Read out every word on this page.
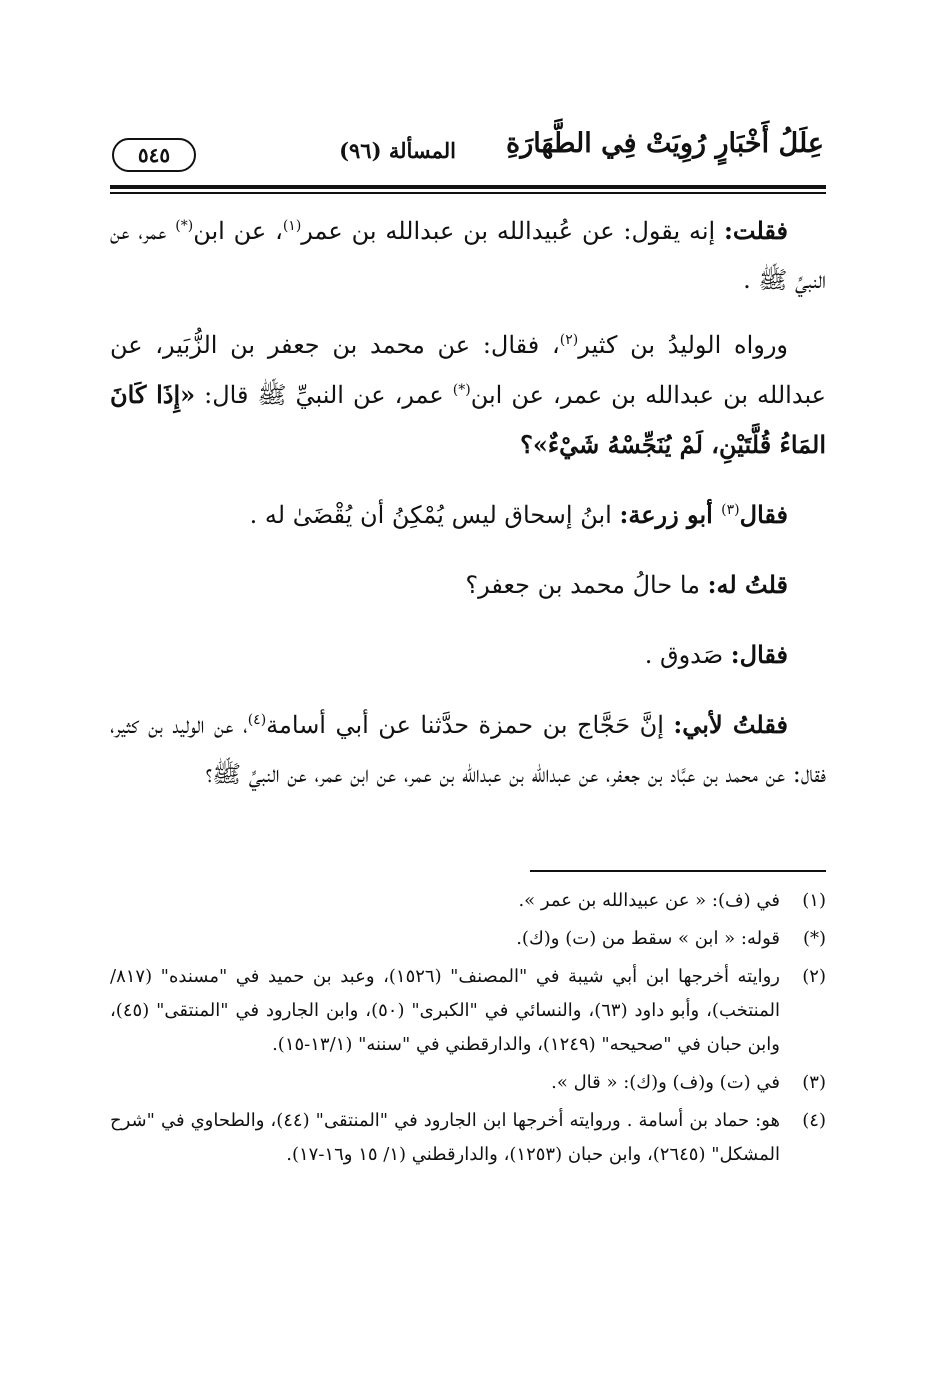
عِلَلُ أَخْبَارٍ رُوِيَتْ فِي الطَّهَارَةِ
المسألة (٩٦)
٥٤٥

فقلت: إنه يقول: عن عُبيدالله بن عبدالله بن عمر$^{(١)}$، عن ابن(*) عمر، عن النبيِّ ﷺ .

ورواه الوليدُ بن كثير$^{(٢)}$، فقال: عن محمد بن جعفر بن الزُّبَير، عن عبدالله بن عبدالله بن عمر، عن ابن(*) عمر، عن النبيِّ ﷺ قال: «إِذَا كَانَ المَاءُ قُلَّتَيْنِ، لَمْ يُنَجِّسْهُ شَيْءٌ»؟

فقال$^{(٣)}$ أبو زرعة: ابنُ إسحاق ليس يُمْكِنُ أن يُقْضَىٰ له .

قلتُ له: ما حالُ محمد بن جعفر؟

فقال: صَدوق .

فقلتُ لأبي: إنَّ حَجَّاج بن حمزة حدَّثنا عن أبي أسامة$^{(٤)}$، عن الوليد بن كثير، فقال: عن محمد بن عبَّاد بن جعفر، عن عبدالله بن عبدالله بن عمر، عن ابن عمر، عن النبيِّ ﷺ؟

(١)
في (ف): « عن عبيدالله بن عمر ».
(*)
قوله: « ابن » سقط من (ت) و(ك).
(٢)
روايته أخرجها ابن أبي شيبة في "المصنف" (١٥٢٦)، وعبد بن حميد في "مسنده" (٨١٧/المنتخب)، وأبو داود (٦٣)، والنسائي في "الكبرى" (٥٠)، وابن الجارود في "المنتقى" (٤٥)، وابن حبان في "صحيحه" (١٢٤٩)، والدارقطني في "سننه" (١٣/١-١٥).
(٣)
في (ت) و(ف) و(ك): « قال ».
(٤)
هو: حماد بن أسامة . وروايته أخرجها ابن الجارود في "المنتقى" (٤٤)، والطحاوي في "شرح المشكل" (٢٦٤٥)، وابن حبان (١٢٥٣)، والدارقطني (١/ ١٥ و١٦-١٧).
